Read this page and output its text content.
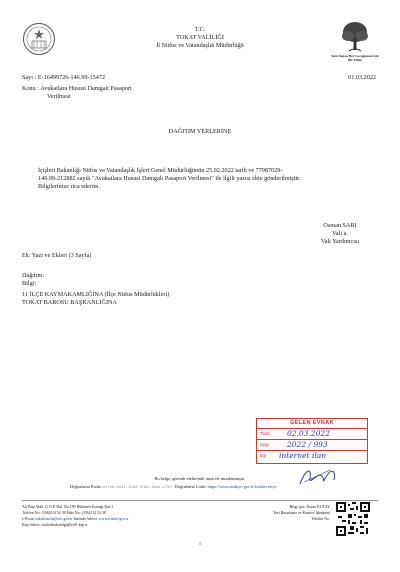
T.C.
TOKAT VALİLİĞİ
İl Nüfus ve Vatandaşlık Müdürlüğü
Yeni Doğan Her Çocuğumuz İçin Bir Fidan
Sayı : E-16499726-146.99-15472	01.03.2022
Konu : Avukatlara Hususi Damgalı Pasaport
Verilmesi
DAĞITIM YERLERİNE
İçişleri Bakanlığı Nüfus ve Vatandaşlık İşleri Genel Müdürlüğünün 25.02.2022 tarih ve 77987029-
146.99-212882 sayılı "Avukatlara Hususi Damgalı Pasaport Verilmesi" ile ilgili yazısı ekte gönderilmiştir.
Bilgilerinize rica ederim.
Osman SARI
Vali a.
Vali Yardımcısı
Ek: Yazı ve Ekleri (3 Sayfa)
Dağıtım:
Bilgi:
11 İLÇE KAYMAKAMLIĞINA (İlçe Nüfus Müdürlükleri)
TOKAT BAROSU BAŞKANLIĞINA
GELEN EVRAK
Tarih 02.03.2022
Sayı 2022 / 993
İlgi internet ilan
Bu belge, güvenli elektronik imza ile imzalanmıştır.
Doğrulama Kodu: a7f2b-9e41-3c6d-5f80-1bae-c72d Doğrulama Linki: https://www.turkiye.gov.tr/icisleri-ebys
Ali Paşa Mah. G.O.P. Bul. No:189 Hükümet Konağı Kat:1
Telefon No: (356)214 54 38 Faks No: (356)214 54 38
e-Posta: tokatilnufus@nvi.gov.tr İnternet Adresi: www.icisleri.gov.tr
Kep Adresi: icisleribakanligi@hs01.kep.tr
Bilgi için: Duran KUTAY
Veri Hazırlama ve Kontrol İşletmeni
Telefon No:
1
